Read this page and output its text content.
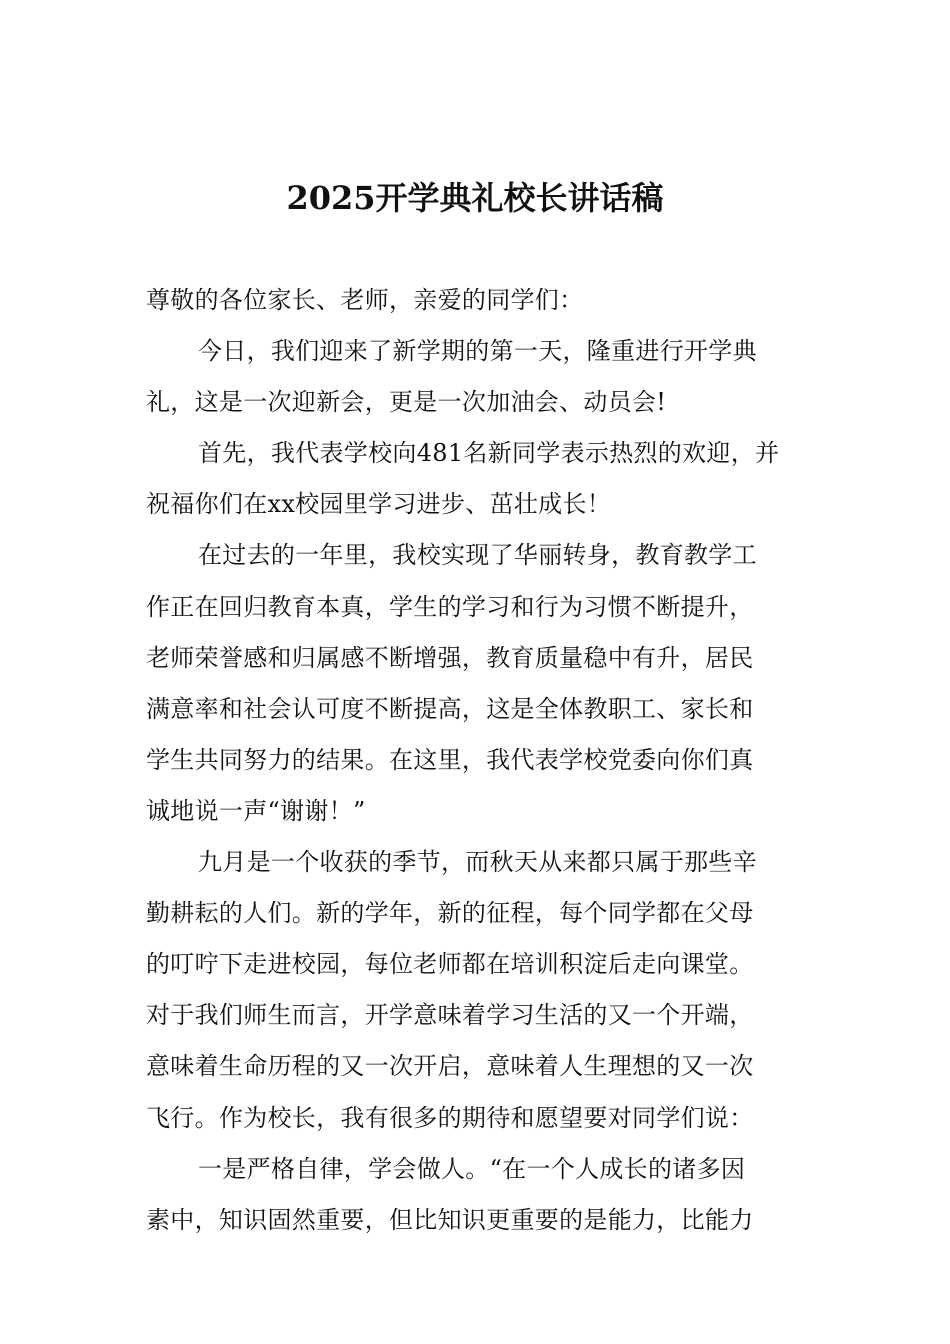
2025开学典礼校长讲话稿
尊敬的各位家长、老师，亲爱的同学们：
今日，我们迎来了新学期的第一天，隆重进行开学典
礼，这是一次迎新会，更是一次加油会、动员会!
首先，我代表学校向481名新同学表示热烈的欢迎，并
祝福你们在xx校园里学习进步、茁壮成长！
在过去的一年里，我校实现了华丽转身，教育教学工
作正在回归教育本真，学生的学习和行为习惯不断提升，
老师荣誉感和归属感不断增强，教育质量稳中有升，居民
满意率和社会认可度不断提高，这是全体教职工、家长和
学生共同努力的结果。在这里，我代表学校党委向你们真
诚地说一声“谢谢！”
九月是一个收获的季节，而秋天从来都只属于那些辛
勤耕耘的人们。新的学年，新的征程，每个同学都在父母
的叮咛下走进校园，每位老师都在培训积淀后走向课堂。
对于我们师生而言，开学意味着学习生活的又一个开端，
意味着生命历程的又一次开启，意味着人生理想的又一次
飞行。作为校长，我有很多的期待和愿望要对同学们说：
一是严格自律，学会做人。“在一个人成长的诸多因
素中，知识固然重要，但比知识更重要的是能力，比能力
